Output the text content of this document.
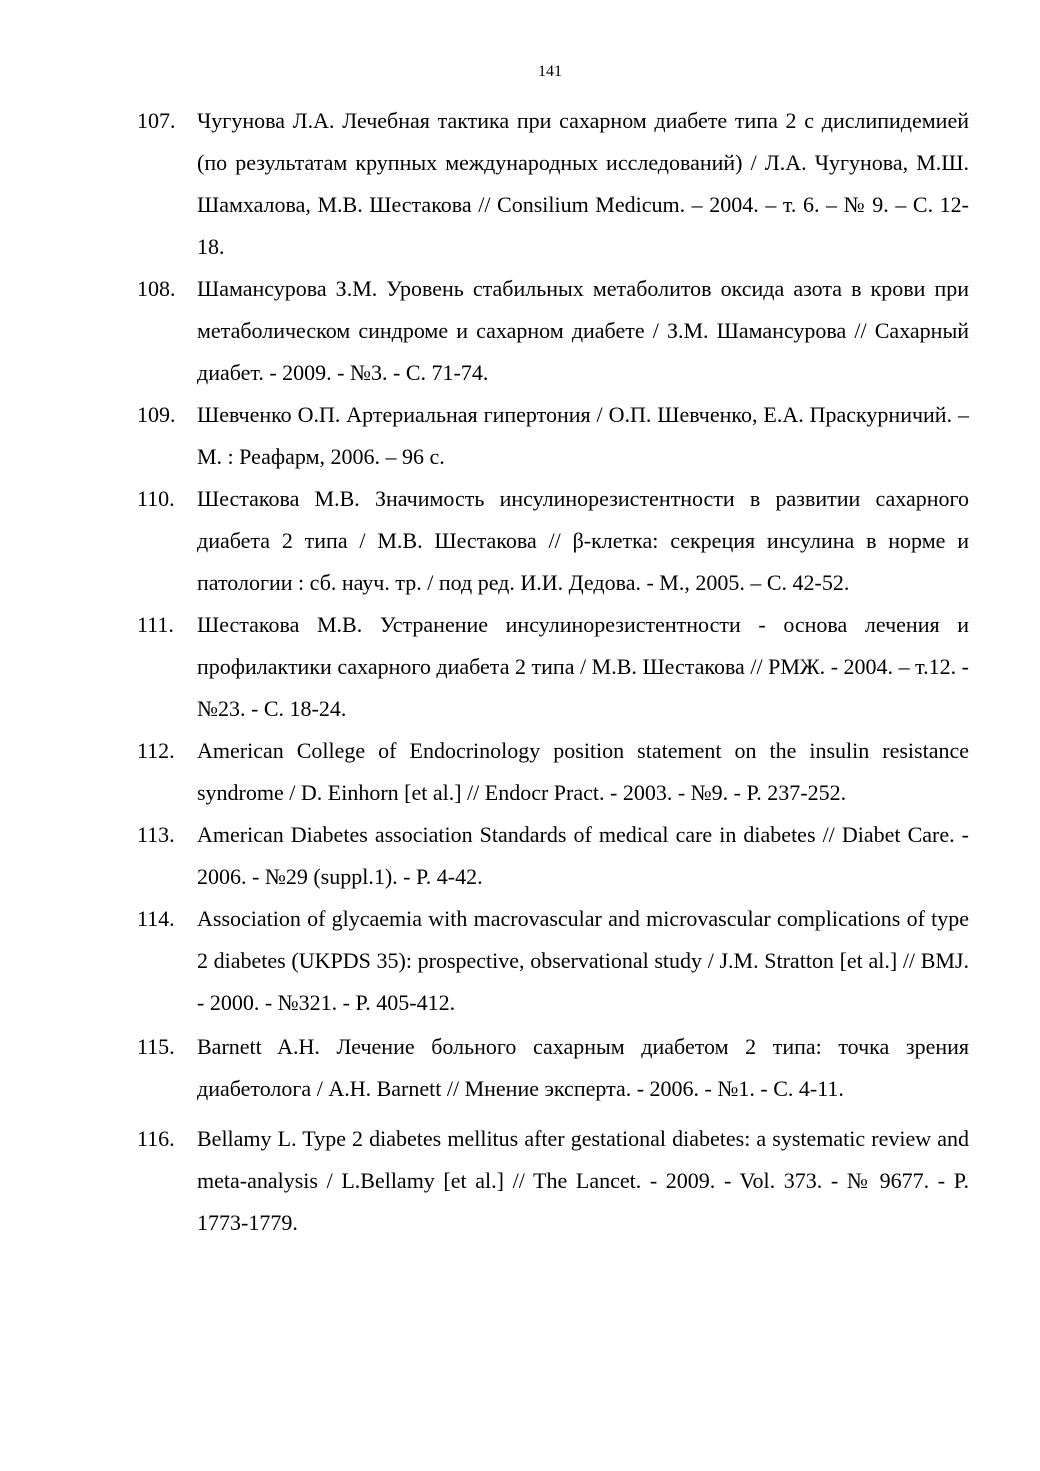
141
107. Чугунова Л.А. Лечебная тактика при сахарном диабете типа 2 с дислипидемией (по результатам крупных международных исследований) / Л.А. Чугунова, М.Ш. Шамхалова, М.В. Шестакова // Consilium Medicum. – 2004. – т. 6. – № 9. – С. 12-18.
108. Шамансурова З.М. Уровень стабильных метаболитов оксида азота в крови при метаболическом синдроме и сахарном диабете / З.М. Шамансурова // Сахарный диабет. - 2009. - №3. - С. 71-74.
109. Шевченко О.П. Артериальная гипертония / О.П. Шевченко, Е.А. Праскурничий. – М. : Реафарм, 2006. – 96 с.
110. Шестакова М.В. Значимость инсулинорезистентности в развитии сахарного диабета 2 типа / М.В. Шестакова // β-клетка: секреция инсулина в норме и патологии : сб. науч. тр. / под ред. И.И. Дедова. - М., 2005. – С. 42-52.
111. Шестакова М.В. Устранение инсулинорезистентности - основа лечения и профилактики сахарного диабета 2 типа / М.В. Шестакова // РМЖ. - 2004. – т.12. - №23. - С. 18-24.
112. American College of Endocrinology position statement on the insulin resistance syndrome / D. Einhorn [et al.] // Endocr Pract. - 2003. - №9. - P. 237-252.
113. American Diabetes association Standards of medical care in diabetes // Diabet Care. - 2006. - №29 (suppl.1). - P. 4-42.
114. Association of glycaemia with macrovascular and microvascular complications of type 2 diabetes (UKPDS 35): prospective, observational study / J.M. Stratton [et al.] // BMJ. - 2000. - №321. - P. 405-412.
115. Barnett A.H. Лечение больного сахарным диабетом 2 типа: точка зрения диабетолога / A.H. Barnett // Мнение эксперта. - 2006. - №1. - С. 4-11.
116. Bellamy L. Type 2 diabetes mellitus after gestational diabetes: a systematic review and meta-analysis / L.Bellamy [et al.] // The Lancet. - 2009. - Vol. 373. - № 9677. - P. 1773-1779.
